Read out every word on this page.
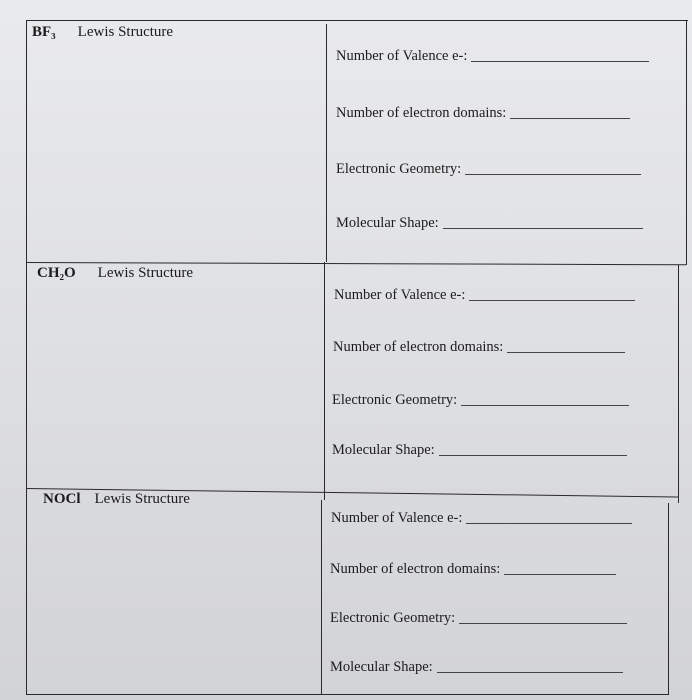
BF₃ Lewis Structure
Number of Valence e-:
Number of electron domains:
Electronic Geometry:
Molecular Shape:
CH₂O Lewis Structure
Number of Valence e-:
Number of electron domains:
Electronic Geometry:
Molecular Shape:
NOCl Lewis Structure
Number of Valence e-:
Number of electron domains:
Electronic Geometry:
Molecular Shape:
